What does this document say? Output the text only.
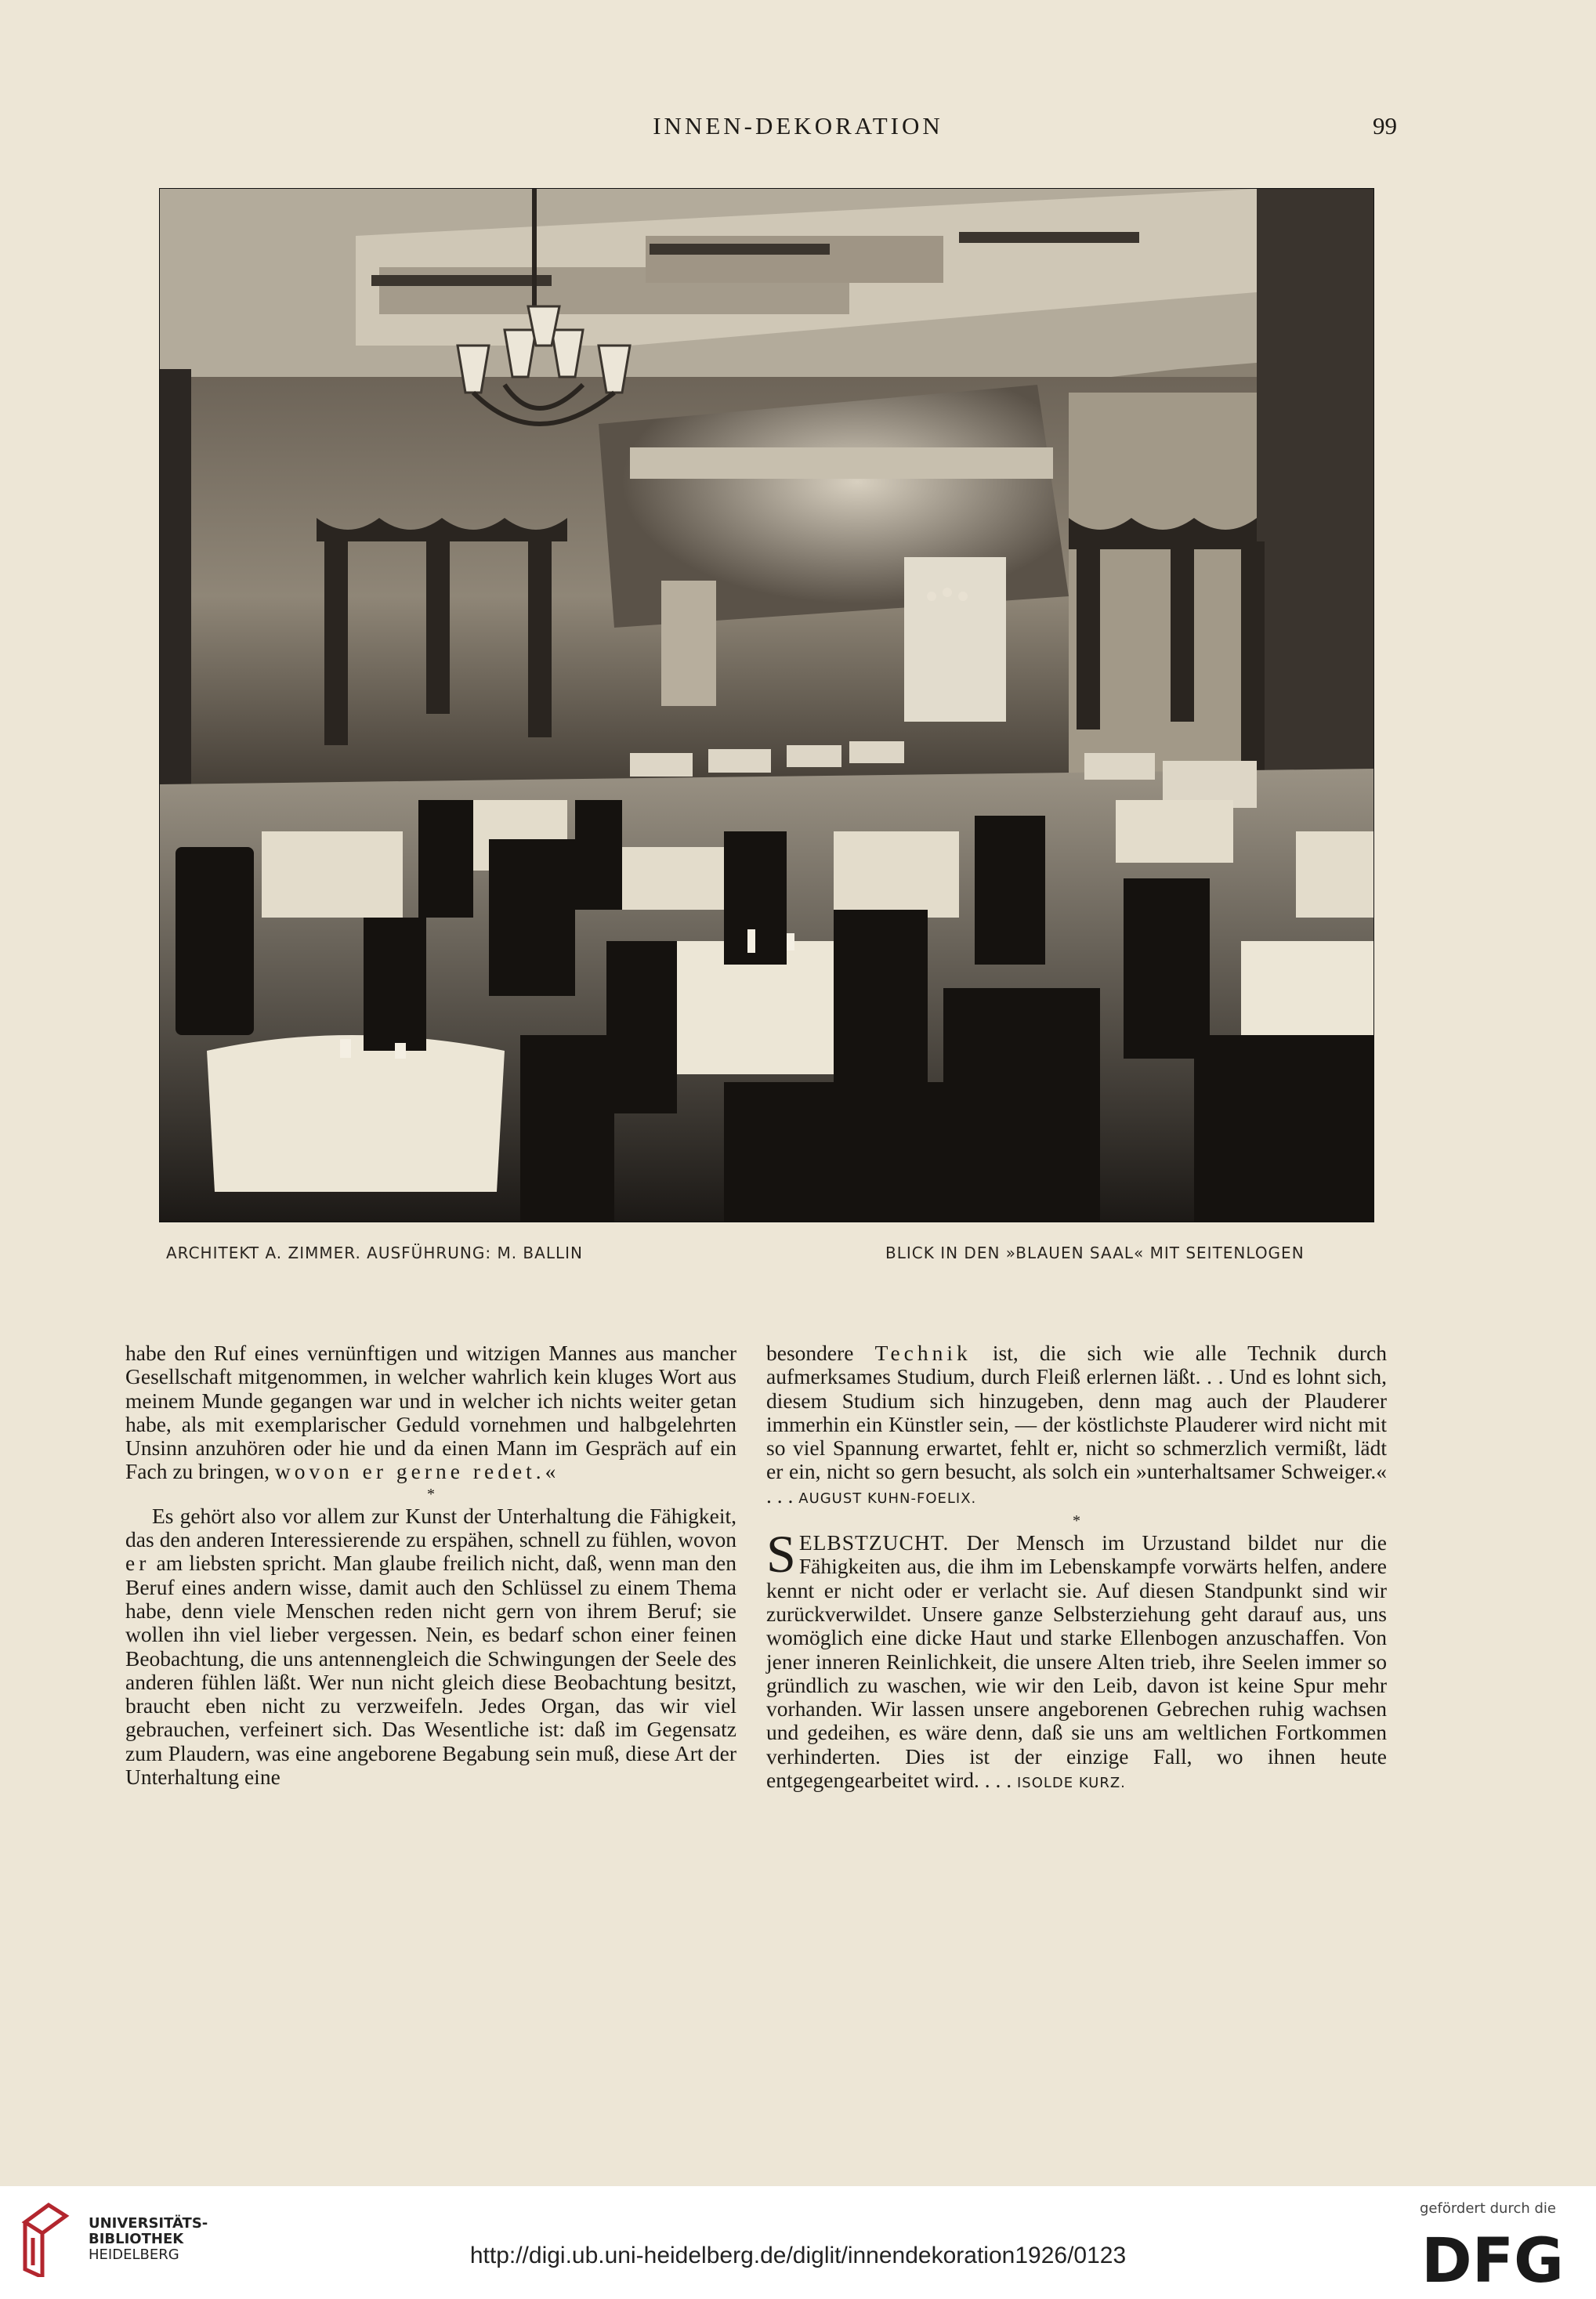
INNEN-DEKORATION	99
ARCHITEKT A. ZIMMER. AUSFÜHRUNG: M. BALLIN	BLICK IN DEN »BLAUEN SAAL« MIT SEITENLOGEN

habe den Ruf eines vernünftigen und witzigen Mannes aus mancher Gesellschaft mitgenommen, in welcher wahrlich kein kluges Wort aus meinem Munde gegangen war und in welcher ich nichts weiter getan habe, als mit exemplarischer Geduld vornehmen und halbgelehrten Unsinn anzuhören oder hie und da einen Mann im Gespräch auf ein Fach zu bringen, wovon er gerne redet.«

*

Es gehört also vor allem zur Kunst der Unterhaltung die Fähigkeit, das den anderen Interessierende zu erspähen, schnell zu fühlen, wovon er am liebsten spricht. Man glaube freilich nicht, daß, wenn man den Beruf eines andern wisse, damit auch den Schlüssel zu einem Thema habe, denn viele Menschen reden nicht gern von ihrem Beruf; sie wollen ihn viel lieber vergessen. Nein, es bedarf schon einer feinen Beobachtung, die uns antennengleich die Schwingungen der Seele des anderen fühlen läßt. Wer nun nicht gleich diese Beobachtung besitzt, braucht eben nicht zu verzweifeln. Jedes Organ, das wir viel gebrauchen, verfeinert sich. Das Wesentliche ist: daß im Gegensatz zum Plaudern, was eine angeborene Begabung sein muß, diese Art der Unterhaltung eine

besondere Technik ist, die sich wie alle Technik durch aufmerksames Studium, durch Fleiß erlernen läßt. . . Und es lohnt sich, diesem Studium sich hinzugeben, denn mag auch der Plauderer immerhin ein Künstler sein, — der köstlichste Plauderer wird nicht mit so viel Spannung erwartet, fehlt er, nicht so schmerzlich vermißt, lädt er ein, nicht so gern besucht, als solch ein »unterhaltsamer Schweiger.« . . . AUGUST KUHN-FOELIX.

*

SELBSTZUCHT. Der Mensch im Urzustand bildet nur die Fähigkeiten aus, die ihm im Lebenskampfe vorwärts helfen, andere kennt er nicht oder er verlacht sie. Auf diesen Standpunkt sind wir zurückverwildet. Unsere ganze Selbsterziehung geht darauf aus, uns womöglich eine dicke Haut und starke Ellenbogen anzuschaffen. Von jener inneren Reinlichkeit, die unsere Alten trieb, ihre Seelen immer so gründlich zu waschen, wie wir den Leib, davon ist keine Spur mehr vorhanden. Wir lassen unsere angeborenen Gebrechen ruhig wachsen und gedeihen, es wäre denn, daß sie uns am weltlichen Fortkommen verhinderten. Dies ist der einzige Fall, wo ihnen heute entgegengearbeitet wird. . . . ISOLDE KURZ.

UNIVERSITÄTS-
BIBLIOTHEK
HEIDELBERG	http://digi.ub.uni-heidelberg.de/diglit/innendekoration1926/0123
gefördert durch die
DFG
